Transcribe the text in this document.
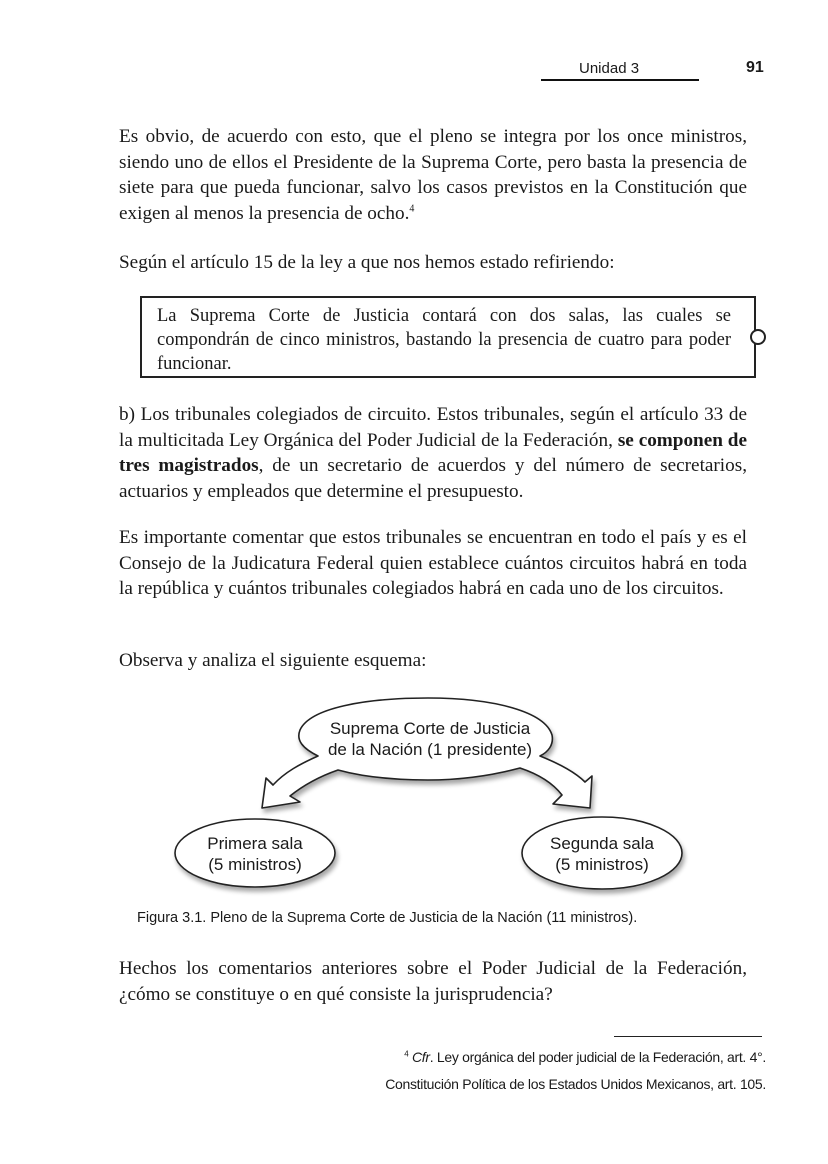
Unidad 3	91

Es obvio, de acuerdo con esto, que el pleno se integra por los once ministros, siendo uno de ellos el Presidente de la Suprema Corte, pero basta la presencia de siete para que pueda funcionar, salvo los casos previstos en la Constitución que exigen al menos la presencia de ocho.$^4$

Según el artículo 15 de la ley a que nos hemos estado refiriendo:

La Suprema Corte de Justicia contará con dos salas, las cuales se compondrán de cinco ministros, bastando la presencia de cuatro para poder funcionar.

b) Los tribunales colegiados de circuito. Estos tribunales, según el artículo 33 de la multicitada Ley Orgánica del Poder Judicial de la Federación, se componen de tres magistrados, de un secretario de acuerdos y del número de secretarios, actuarios y empleados que determine el presupuesto.

Es importante comentar que estos tribunales se encuentran en todo el país y es el Consejo de la Judicatura Federal quien establece cuántos circuitos habrá en toda la república y cuántos tribunales colegiados habrá en cada uno de los circuitos.

Observa y analiza el siguiente esquema:

Suprema Corte de Justicia
de la Nación (1 presidente)
Primera sala
(5 ministros)
Segunda sala
(5 ministros)
Figura 3.1. Pleno de la Suprema Corte de Justicia de la Nación (11 ministros).

Hechos los comentarios anteriores sobre el Poder Judicial de la Federación, ¿cómo se constituye o en qué consiste la jurisprudencia?

$^4$ Cfr. Ley orgánica del poder judicial de la Federación, art. 4°.
Constitución Política de los Estados Unidos Mexicanos, art. 105.
